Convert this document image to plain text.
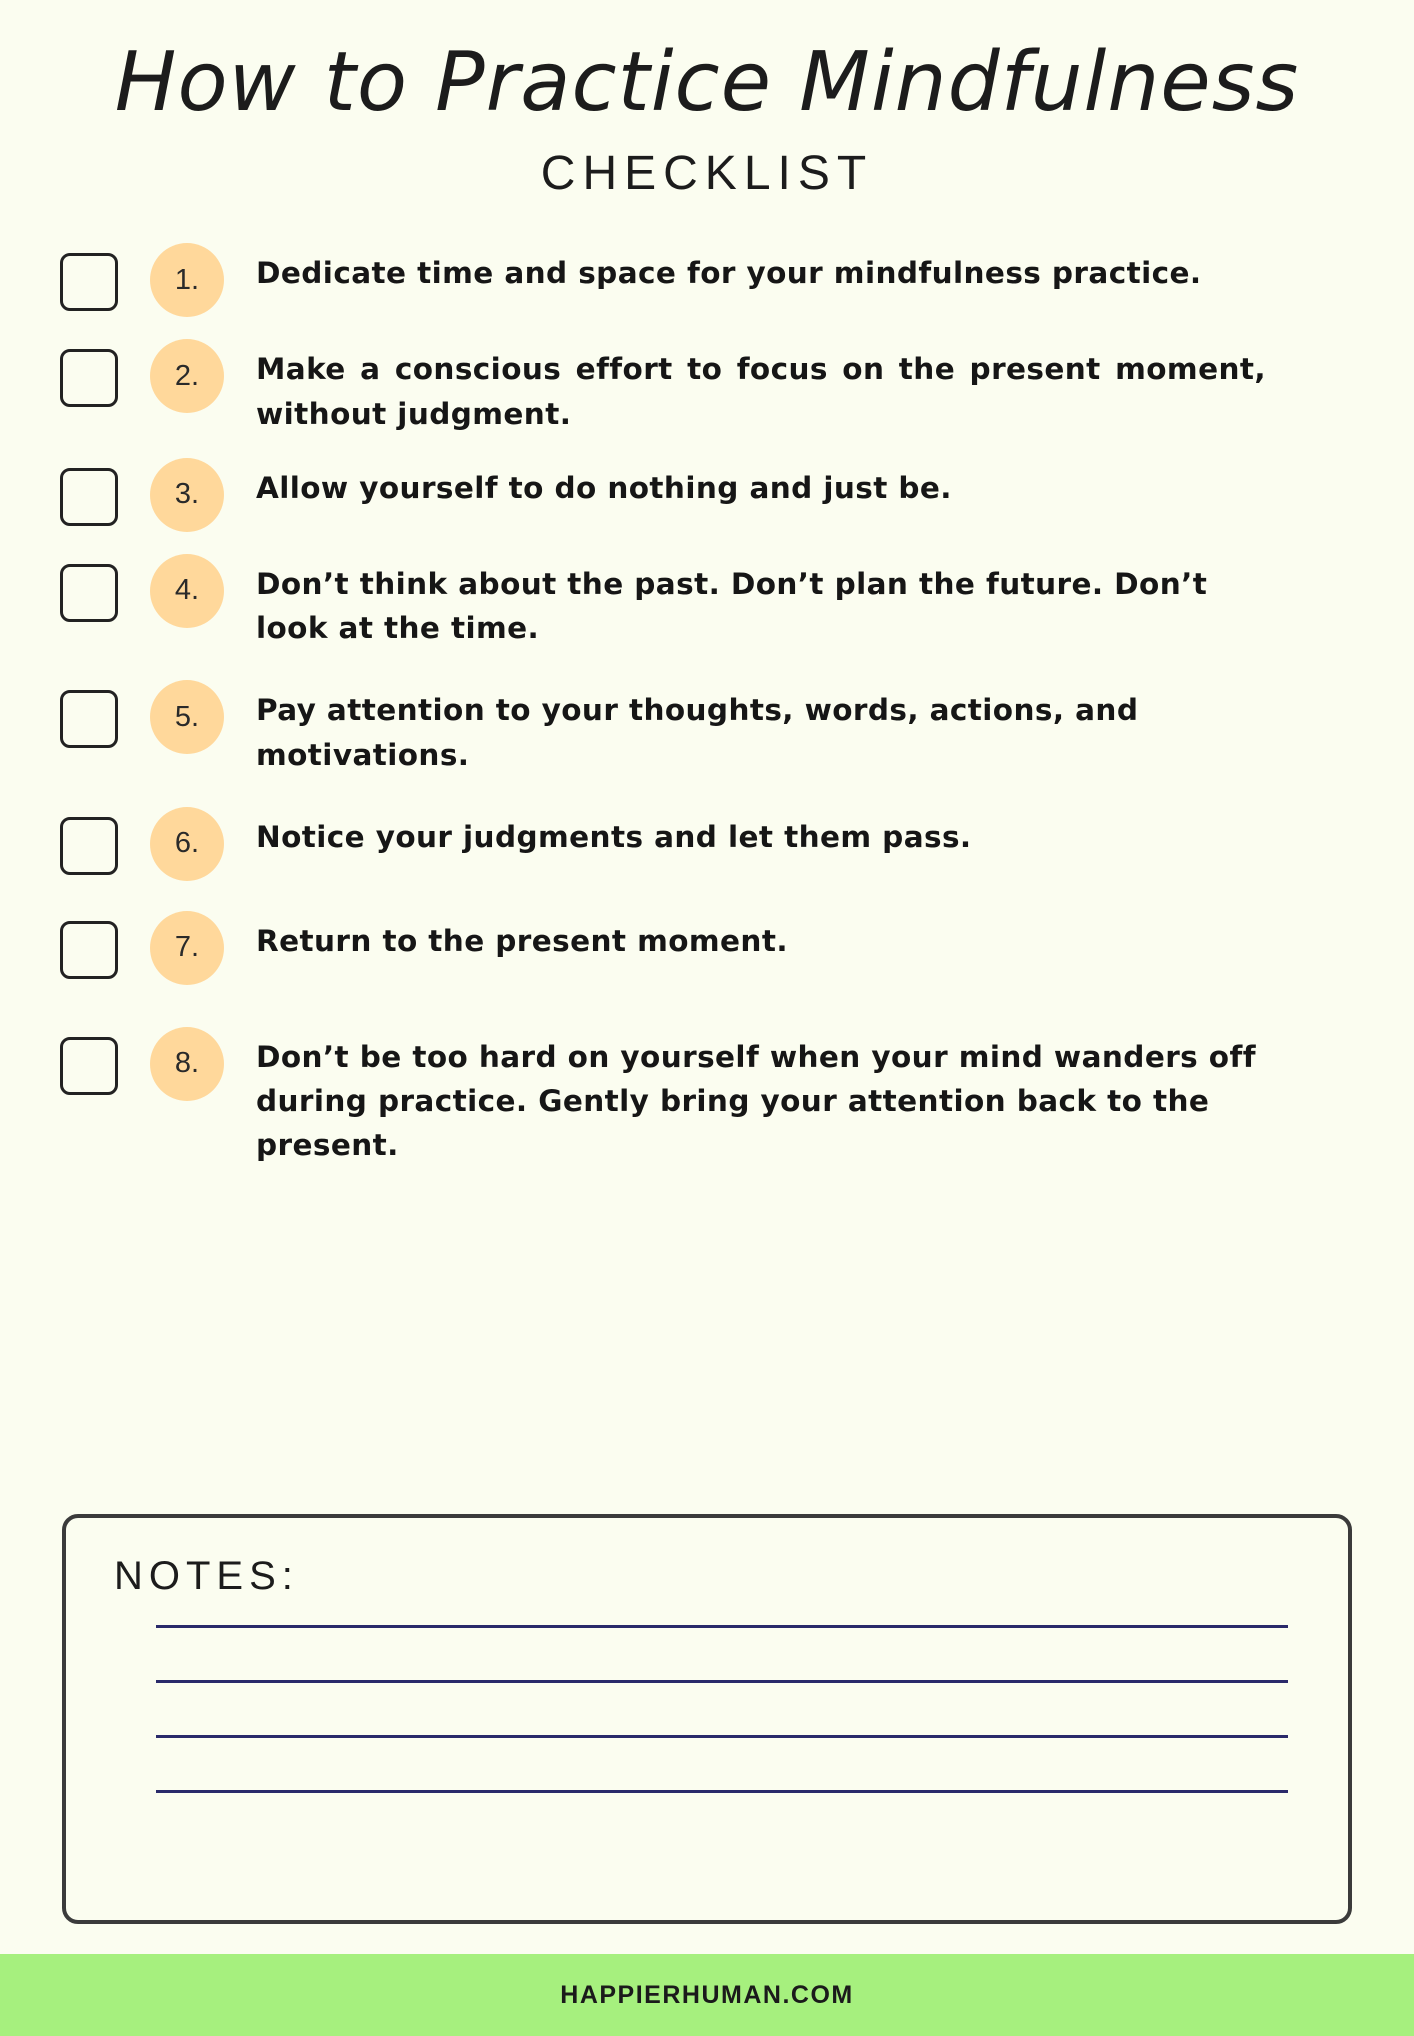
How to Practice Mindfulness
CHECKLIST
1.	Dedicate time and space for your mindfulness practice.
2.	Make a conscious effort to focus on the present moment, without judgment.
3.	Allow yourself to do nothing and just be.
4.	Don’t think about the past. Don’t plan the future. Don’t look at the time.
5.	Pay attention to your thoughts, words, actions, and motivations.
6.	Notice your judgments and let them pass.
7.	Return to the present moment.
8.	Don’t be too hard on yourself when your mind wanders off during practice. Gently bring your attention back to the present.
NOTES:
HAPPIERHUMAN.COM
